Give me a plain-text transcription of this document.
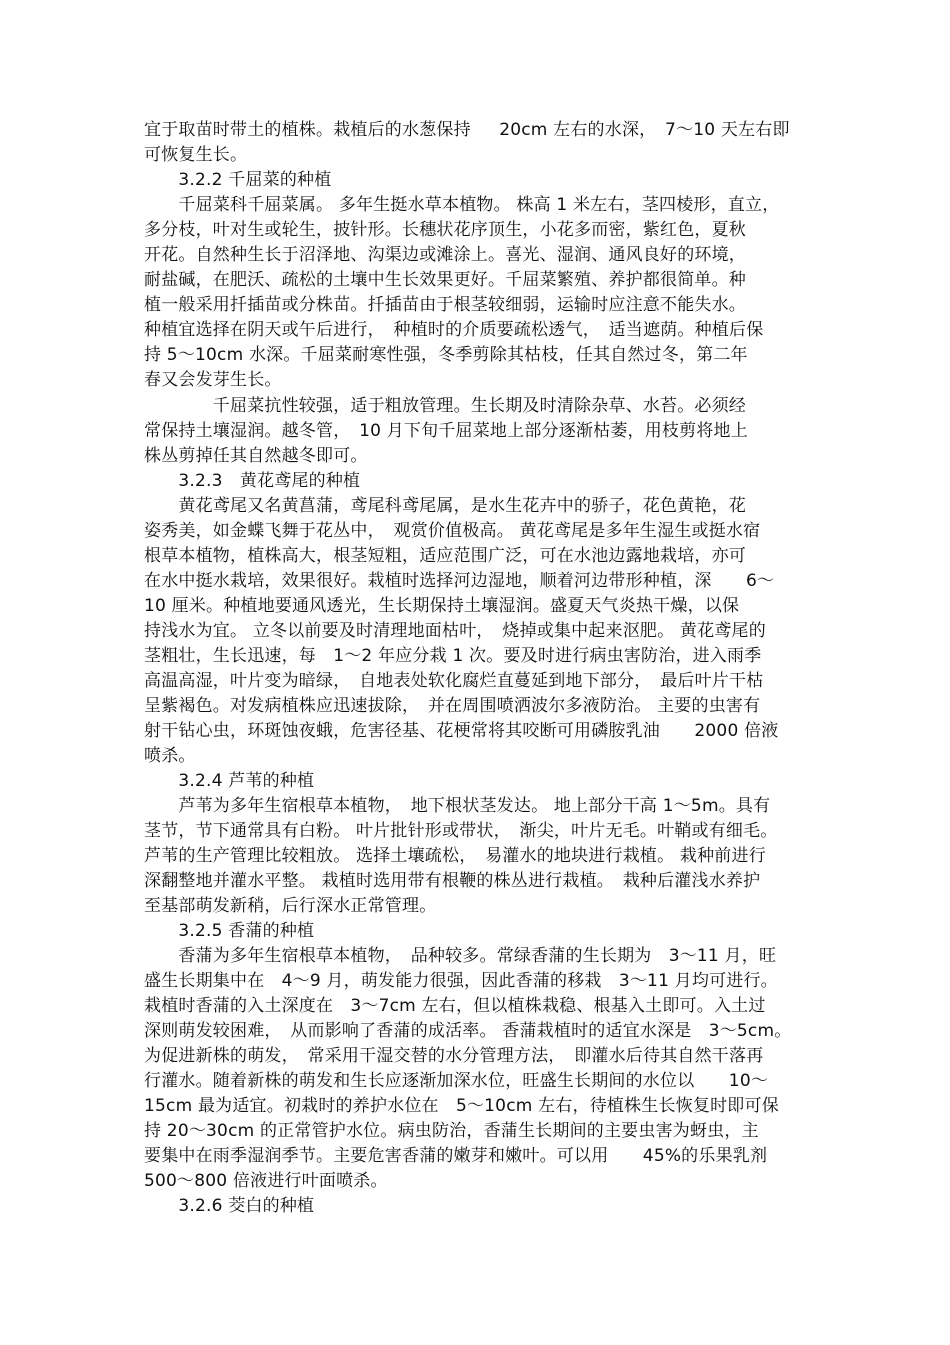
宜于取苗时带土的植株。栽植后的水葱保持　  20cm 左右的水深，　7～10 天左右即

可恢复生长。

　　3.2.2 千屈菜的种植

　　千屈菜科千屈菜属。 多年生挺水草本植物。 株高 1 米左右，茎四棱形，直立，

多分枝，叶对生或轮生，披针形。长穗状花序顶生，小花多而密，紫红色，夏秋

开花。自然种生长于沼泽地、沟渠边或滩涂上。喜光、湿润、通风良好的环境，

耐盐碱，在肥沃、疏松的土壤中生长效果更好。千屈菜繁殖、养护都很简单。种

植一般采用扦插苗或分株苗。扦插苗由于根茎较细弱，运输时应注意不能失水。

种植宜选择在阴天或午后进行，　种植时的介质要疏松透气，　适当遮荫。种植后保

持 5～10cm 水深。千屈菜耐寒性强，冬季剪除其枯枝，任其自然过冬，第二年

春又会发芽生长。

　　　　千屈菜抗性较强，适于粗放管理。生长期及时清除杂草、水苔。必须经

常保持土壤湿润。越冬管，　10 月下旬千屈菜地上部分逐渐枯萎，用枝剪将地上

株丛剪掉任其自然越冬即可。

　　3.2.3　黄花鸢尾的种植

　　黄花鸢尾又名黄菖蒲，鸢尾科鸢尾属，是水生花卉中的骄子，花色黄艳，花

姿秀美，如金蝶飞舞于花丛中，　观赏价值极高。 黄花鸢尾是多年生湿生或挺水宿

根草本植物，植株高大，根茎短粗，适应范围广泛，可在水池边露地栽培，亦可

在水中挺水栽培，效果很好。栽植时选择河边湿地，顺着河边带形种植，深　　6～

10 厘米。种植地要通风透光，生长期保持土壤湿润。盛夏天气炎热干燥，以保

持浅水为宜。 立冬以前要及时清理地面枯叶，　烧掉或集中起来沤肥。 黄花鸢尾的

茎粗壮，生长迅速，每　1～2 年应分栽 1 次。要及时进行病虫害防治，进入雨季

高温高湿，叶片变为暗绿，　自地表处软化腐烂直蔓延到地下部分，　最后叶片干枯

呈紫褐色。对发病植株应迅速拔除，　并在周围喷洒波尔多液防治。 主要的虫害有

射干钻心虫，环斑蚀夜蛾，危害径基、花梗常将其咬断可用磷胺乳油　　2000 倍液

喷杀。

　　3.2.4 芦苇的种植

　　芦苇为多年生宿根草本植物，　地下根状茎发达。 地上部分干高 1～5m。具有

茎节，节下通常具有白粉。 叶片批针形或带状，　渐尖，叶片无毛。叶鞘或有细毛。

芦苇的生产管理比较粗放。 选择土壤疏松，　易灌水的地块进行栽植。 栽种前进行

深翻整地并灌水平整。 栽植时选用带有根鞭的株丛进行栽植。　栽种后灌浅水养护

至基部萌发新稍，后行深水正常管理。

　　3.2.5 香蒲的种植

　　香蒲为多年生宿根草本植物，　品种较多。常绿香蒲的生长期为　3～11 月，旺

盛生长期集中在　4～9 月，萌发能力很强，因此香蒲的移栽　3～11 月均可进行。

栽植时香蒲的入土深度在　3～7cm 左右，但以植株栽稳、根基入土即可。入土过

深则萌发较困难，　从而影响了香蒲的成活率。 香蒲栽植时的适宜水深是　3～5cm。

为促进新株的萌发，　常采用干湿交替的水分管理方法，　即灌水后待其自然干落再

行灌水。随着新株的萌发和生长应逐渐加深水位，旺盛生长期间的水位以　　10～

15cm 最为适宜。初栽时的养护水位在　5～10cm 左右，待植株生长恢复时即可保

持 20～30cm 的正常管护水位。病虫防治，香蒲生长期间的主要虫害为蚜虫，主

要集中在雨季湿润季节。主要危害香蒲的嫩芽和嫩叶。可以用　　45%的乐果乳剂

500～800 倍液进行叶面喷杀。

　　3.2.6 茭白的种植
